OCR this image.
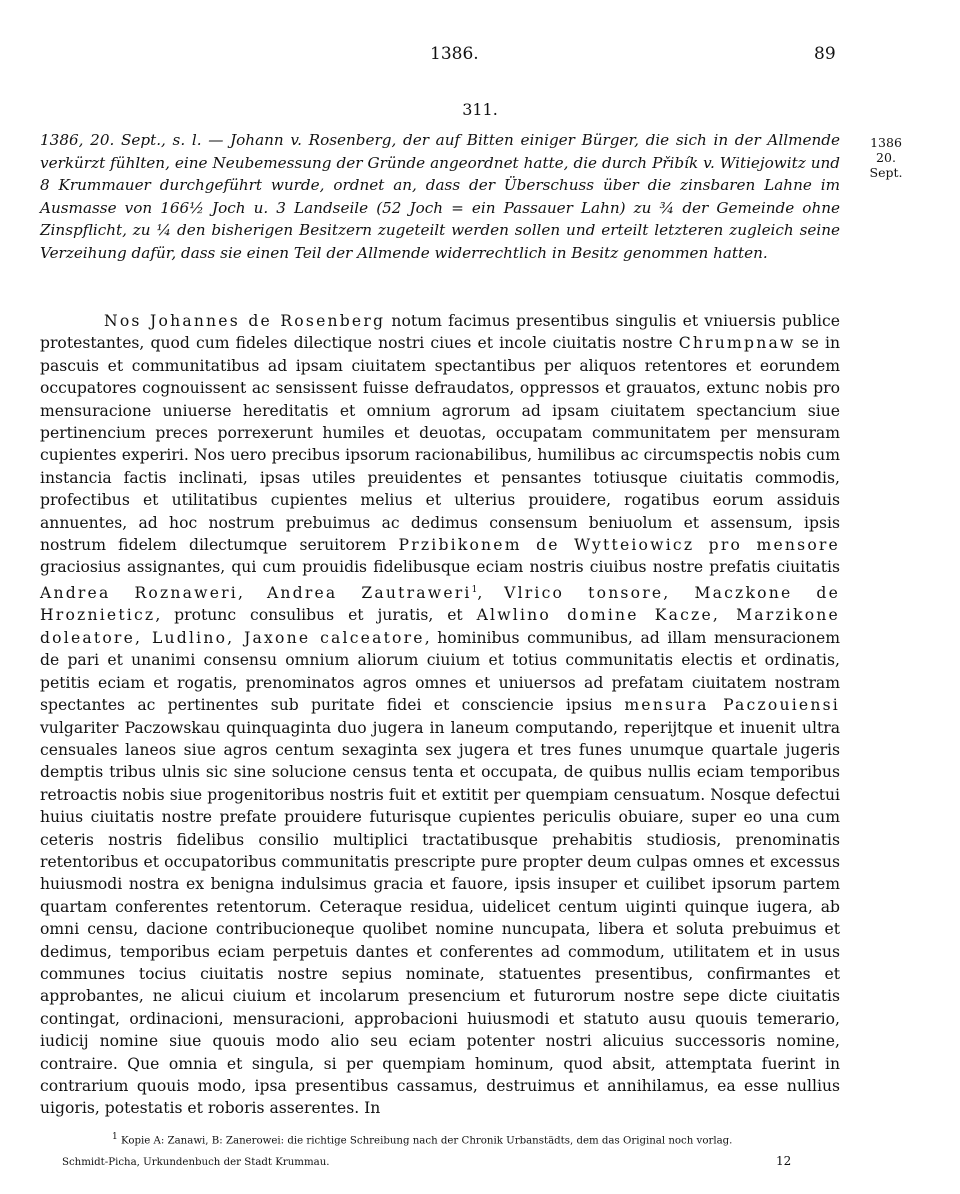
1386.	89
311.

1386, 20. Sept., s. l. — Johann v. Rosenberg, der auf Bitten einiger Bürger, die sich in der Allmende verkürzt fühlten, eine Neubemessung der Gründe angeordnet hatte, die durch Přibík v. Witiejowitz und 8 Krummauer durchgeführt wurde, ordnet an, dass der Überschuss über die zinsbaren Lahne im Ausmasse von 166½ Joch u. 3 Landseile (52 Joch = ein Passauer Lahn) zu ¾ der Gemeinde ohne Zinspflicht, zu ¼ den bisherigen Besitzern zugeteilt werden sollen und erteilt letzteren zugleich seine Verzeihung dafür, dass sie einen Teil der Allmende widerrechtlich in Besitz genommen hatten.

1386
20. Sept.

Nos Johannes de Rosenberg notum facimus presentibus singulis et vniuersis publice protestantes, quod cum fideles dilectique nostri ciues et incole ciuitatis nostre Chrumpnaw se in pascuis et communitatibus ad ipsam ciuitatem spectantibus per aliquos retentores et eorundem occupatores cognouissent ac sensissent fuisse defraudatos, oppressos et grauatos, extunc nobis pro mensuracione uniuerse hereditatis et omnium agrorum ad ipsam ciuitatem spectancium siue pertinencium preces porrexerunt humiles et deuotas, occupatam communitatem per mensuram cupientes experiri. Nos uero precibus ipsorum racionabilibus, humilibus ac circumspectis nobis cum instancia factis inclinati, ipsas utiles preuidentes et pensantes totiusque ciuitatis commodis, profectibus et utilitatibus cupientes melius et ulterius prouidere, rogatibus eorum assiduis annuentes, ad hoc nostrum prebuimus ac dedimus consensum beniuolum et assensum, ipsis nostrum fidelem dilectumque seruitorem Przibikonem de Wytteiowicz pro mensore graciosius assignantes, qui cum prouidis fidelibusque eciam nostris ciuibus nostre prefatis ciuitatis Andrea Roznaweri, Andrea Zautraweri$^1$, Vlrico tonsore, Maczkone de Hroznieticz, protunc consulibus et juratis, et Alwlino domine Kacze, Marzikone doleatore, Ludlino, Jaxone calceatore, hominibus communibus, ad illam mensuracionem de pari et unanimi consensu omnium aliorum ciuium et totius communitatis electis et ordinatis, petitis eciam et rogatis, prenominatos agros omnes et uniuersos ad prefatam ciuitatem nostram spectantes ac pertinentes sub puritate fidei et consciencie ipsius mensura Paczouiensi vulgariter Paczowskau quinquaginta duo jugera in laneum computando, reperijtque et inuenit ultra censuales laneos siue agros centum sexaginta sex jugera et tres funes unumque quartale jugeris demptis tribus ulnis sic sine solucione census tenta et occupata, de quibus nullis eciam temporibus retroactis nobis siue progenitoribus nostris fuit et extitit per quempiam censuatum. Nosque defectui huius ciuitatis nostre prefate prouidere futurisque cupientes periculis obuiare, super eo una cum ceteris nostris fidelibus consilio multiplici tractatibusque prehabitis studiosis, prenominatis retentoribus et occupatoribus communitatis prescripte pure propter deum culpas omnes et excessus huiusmodi nostra ex benigna indulsimus gracia et fauore, ipsis insuper et cuilibet ipsorum partem quartam conferentes retentorum. Ceteraque residua, uidelicet centum uiginti quinque iugera, ab omni censu, dacione contribucioneque quolibet nomine nuncupata, libera et soluta prebuimus et dedimus, temporibus eciam perpetuis dantes et conferentes ad commodum, utilitatem et in usus communes tocius ciuitatis nostre sepius nominate, statuentes presentibus, confirmantes et approbantes, ne alicui ciuium et incolarum presencium et futurorum nostre sepe dicte ciuitatis contingat, ordinacioni, mensuracioni, approbacioni huiusmodi et statuto ausu quouis temerario, iudicij nomine siue quouis modo alio seu eciam potenter nostri alicuius successoris nomine, contraire. Que omnia et singula, si per quempiam hominum, quod absit, attemptata fuerint in contrarium quouis modo, ipsa presentibus cassamus, destruimus et annihilamus, ea esse nullius uigoris, potestatis et roboris asserentes. In

$^1$ Kopie A: Zanawi, B: Zanerowei: die richtige Schreibung nach der Chronik Urbanstädts, dem das Original noch vorlag.
Schmidt-Picha, Urkundenbuch der Stadt Krummau.	12
